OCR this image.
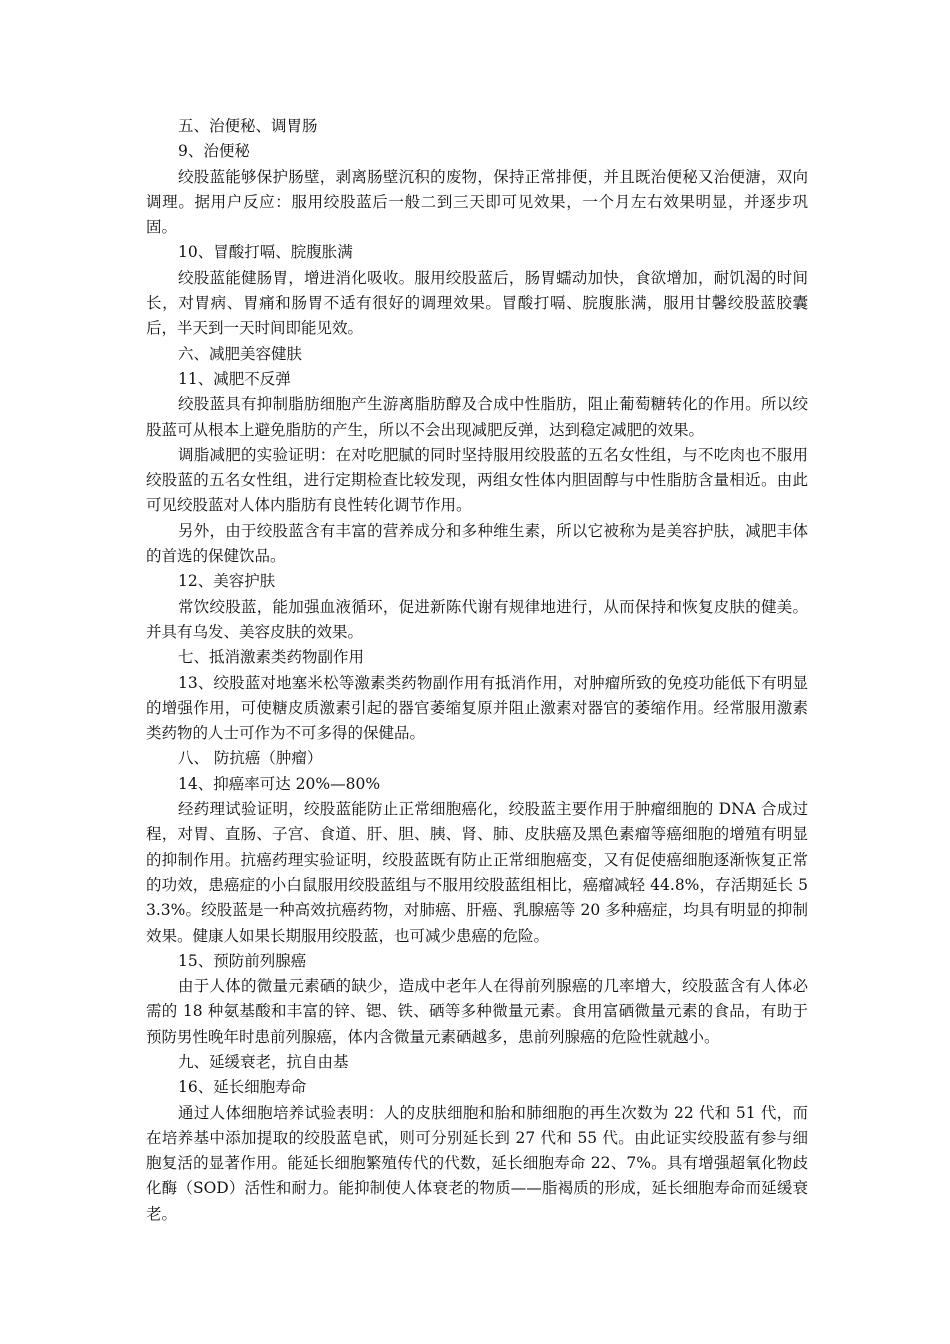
五、治便秘、调胃肠

9、治便秘

绞股蓝能够保护肠壁，剥离肠壁沉积的废物，保持正常排便，并且既治便秘又治便溏，双向调理。据用户反应：服用绞股蓝后一般二到三天即可见效果，一个月左右效果明显，并逐步巩固。

10、冒酸打嗝、脘腹胀满

绞股蓝能健肠胃，增进消化吸收。服用绞股蓝后，肠胃蠕动加快，食欲增加，耐饥渴的时间长，对胃病、胃痛和肠胃不适有很好的调理效果。冒酸打嗝、脘腹胀满，服用甘馨绞股蓝胶囊后，半天到一天时间即能见效。

六、减肥美容健肤

11、减肥不反弹

绞股蓝具有抑制脂肪细胞产生游离脂肪醇及合成中性脂肪，阻止葡萄糖转化的作用。所以绞股蓝可从根本上避免脂肪的产生，所以不会出现减肥反弹，达到稳定减肥的效果。

调脂减肥的实验证明：在对吃肥腻的同时坚持服用绞股蓝的五名女性组，与不吃肉也不服用绞股蓝的五名女性组，进行定期检查比较发现，两组女性体内胆固醇与中性脂肪含量相近。由此可见绞股蓝对人体内脂肪有良性转化调节作用。

另外，由于绞股蓝含有丰富的营养成分和多种维生素，所以它被称为是美容护肤，减肥丰体的首选的保健饮品。

12、美容护肤

常饮绞股蓝，能加强血液循环，促进新陈代谢有规律地进行，从而保持和恢复皮肤的健美。并具有乌发、美容皮肤的效果。

七、抵消激素类药物副作用

13、绞股蓝对地塞米松等激素类药物副作用有抵消作用，对肿瘤所致的免疫功能低下有明显的增强作用，可使糖皮质激素引起的器官萎缩复原并阻止激素对器官的萎缩作用。经常服用激素类药物的人士可作为不可多得的保健品。

八、 防抗癌（肿瘤）

14、抑癌率可达 20%—80%

经药理试验证明，绞股蓝能防止正常细胞癌化，绞股蓝主要作用于肿瘤细胞的 DNA 合成过程，对胃、直肠、子宫、食道、肝、胆、胰、肾、肺、皮肤癌及黑色素瘤等癌细胞的增殖有明显的抑制作用。抗癌药理实验证明，绞股蓝既有防止正常细胞癌变，又有促使癌细胞逐渐恢复正常的功效，患癌症的小白鼠服用绞股蓝组与不服用绞股蓝组相比，癌瘤减轻 44.8%，存活期延长 53.3%。绞股蓝是一种高效抗癌药物，对肺癌、肝癌、乳腺癌等 20 多种癌症，均具有明显的抑制效果。健康人如果长期服用绞股蓝，也可减少患癌的危险。

15、预防前列腺癌

由于人体的微量元素硒的缺少，造成中老年人在得前列腺癌的几率增大，绞股蓝含有人体必需的 18 种氨基酸和丰富的锌、锶、铁、硒等多种微量元素。食用富硒微量元素的食品，有助于预防男性晚年时患前列腺癌，体内含微量元素硒越多，患前列腺癌的危险性就越小。

九、延缓衰老，抗自由基

16、延长细胞寿命

通过人体细胞培养试验表明：人的皮肤细胞和胎和肺细胞的再生次数为 22 代和 51 代，而在培养基中添加提取的绞股蓝皂甙，则可分别延长到 27 代和 55 代。由此证实绞股蓝有参与细胞复活的显著作用。能延长细胞繁殖传代的代数，延长细胞寿命 22、7%。具有增强超氧化物歧化酶（SOD）活性和耐力。能抑制使人体衰老的物质——脂褐质的形成，延长细胞寿命而延缓衰老。
